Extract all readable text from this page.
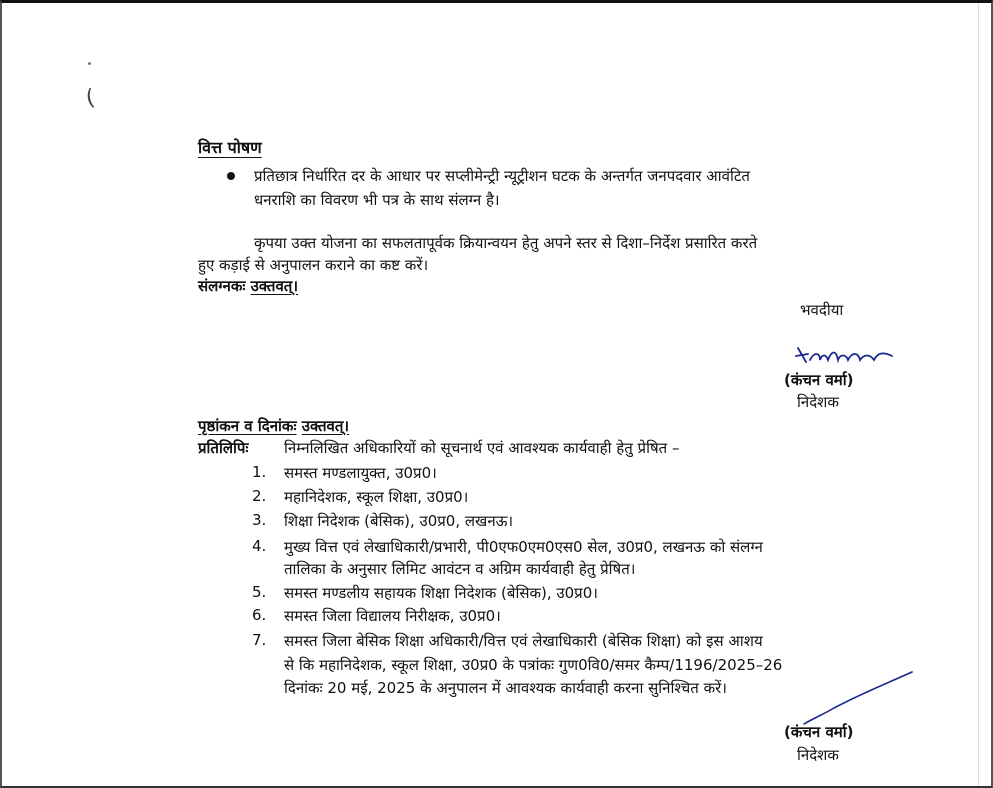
(
वित्त पोषण
प्रतिछात्र निर्धारित दर के आधार पर सप्लीमेन्ट्री न्यूट्रीशन घटक के अन्तर्गत जनपदवार आवंटित
धनराशि का विवरण भी पत्र के साथ संलग्न है।
कृपया उक्त योजना का सफलतापूर्वक क्रियान्वयन हेतु अपने स्तर से दिशा–निर्देश प्रसारित करते
हुए कड़ाई से अनुपालन कराने का कष्ट करें।
संलग्नकः उक्तवत्।
भवदीया
(कंचन वर्मा)
निदेशक
पृष्ठांकन व दिनांकः उक्तवत्।
प्रतिलिपिः निम्नलिखित अधिकारियों को सूचनार्थ एवं आवश्यक कार्यवाही हेतु प्रेषित –
1. समस्त मण्डलायुक्त, उ0प्र0।
2. महानिदेशक, स्कूल शिक्षा, उ0प्र0।
3. शिक्षा निदेशक (बेसिक), उ0प्र0, लखनऊ।
4. मुख्य वित्त एवं लेखाधिकारी/प्रभारी, पी0एफ0एम0एस0 सेल, उ0प्र0, लखनऊ को संलग्न
तालिका के अनुसार लिमिट आवंटन व अग्रिम कार्यवाही हेतु प्रेषित।
5. समस्त मण्डलीय सहायक शिक्षा निदेशक (बेसिक), उ0प्र0।
6. समस्त जिला विद्यालय निरीक्षक, उ0प्र0।
7. समस्त जिला बेसिक शिक्षा अधिकारी/वित्त एवं लेखाधिकारी (बेसिक शिक्षा) को इस आशय
से कि महानिदेशक, स्कूल शिक्षा, उ0प्र0 के पत्रांकः गुण0वि0/समर कैम्प/1196/2025–26
दिनांकः 20 मई, 2025 के अनुपालन में आवश्यक कार्यवाही करना सुनिश्चित करें।
(कंचन वर्मा)
निदेशक
